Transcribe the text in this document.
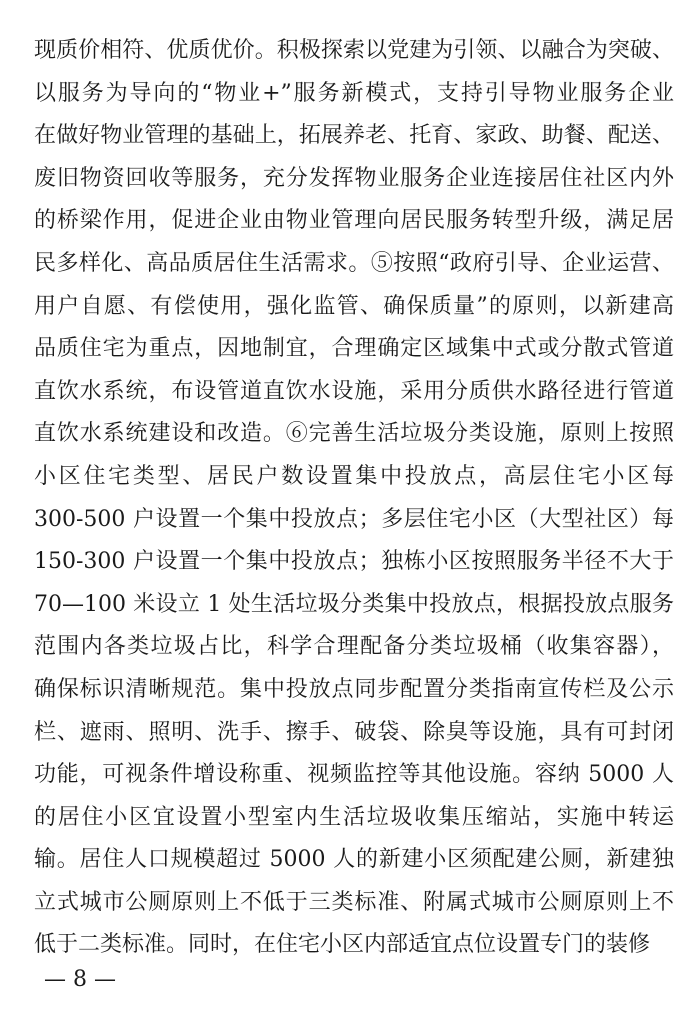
现质价相符、优质优价。积极探索以党建为引领、以融合为突破、
以服务为导向的“物业+”服务新模式，支持引导物业服务企业
在做好物业管理的基础上，拓展养老、托育、家政、助餐、配送、
废旧物资回收等服务，充分发挥物业服务企业连接居住社区内外
的桥梁作用，促进企业由物业管理向居民服务转型升级，满足居
民多样化、高品质居住生活需求。⑤按照“政府引导、企业运营、
用户自愿、有偿使用，强化监管、确保质量”的原则，以新建高
品质住宅为重点，因地制宜，合理确定区域集中式或分散式管道
直饮水系统，布设管道直饮水设施，采用分质供水路径进行管道
直饮水系统建设和改造。⑥完善生活垃圾分类设施，原则上按照
小区住宅类型、居民户数设置集中投放点，高层住宅小区每
300-500 户设置一个集中投放点；多层住宅小区（大型社区）每
150-300 户设置一个集中投放点；独栋小区按照服务半径不大于
70—100 米设立 1 处生活垃圾分类集中投放点，根据投放点服务
范围内各类垃圾占比，科学合理配备分类垃圾桶（收集容器），
确保标识清晰规范。集中投放点同步配置分类指南宣传栏及公示
栏、遮雨、照明、洗手、擦手、破袋、除臭等设施，具有可封闭
功能，可视条件增设称重、视频监控等其他设施。容纳 5000 人
的居住小区宜设置小型室内生活垃圾收集压缩站，实施中转运
输。居住人口规模超过 5000 人的新建小区须配建公厕，新建独
立式城市公厕原则上不低于三类标准、附属式城市公厕原则上不
低于二类标准。同时，在住宅小区内部适宜点位设置专门的装修
— 8 —
